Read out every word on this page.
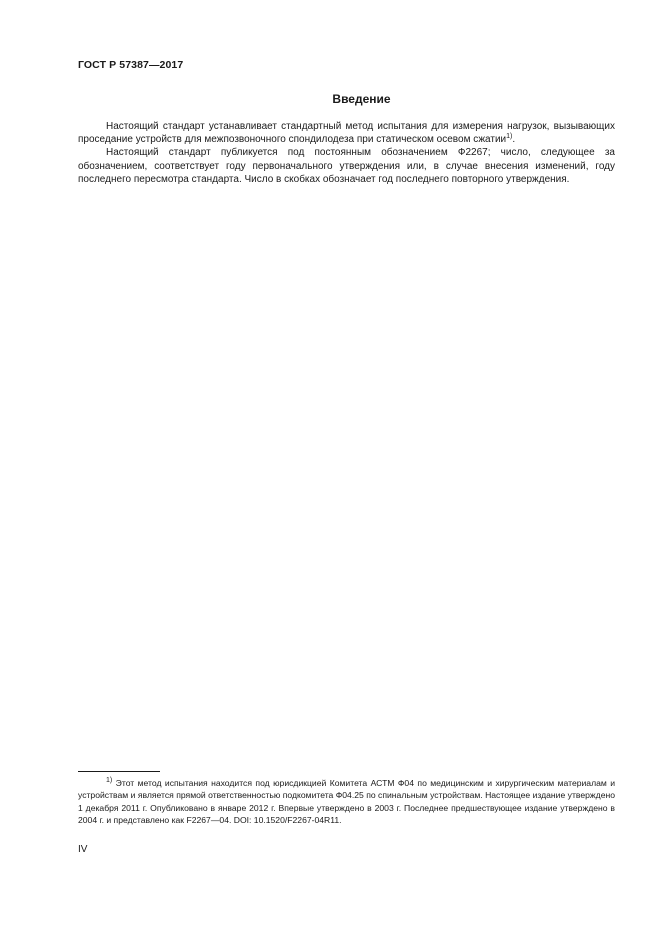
ГОСТ Р 57387—2017
Введение

Настоящий стандарт устанавливает стандартный метод испытания для измерения нагрузок, вызывающих проседание устройств для межпозвоночного спондилодеза при статическом осевом сжатии$^{1)}$.

Настоящий стандарт публикуется под постоянным обозначением Ф2267; число, следующее за обозначением, соответствует году первоначального утверждения или, в случае внесения изменений, году последнего пересмотра стандарта. Число в скобках обозначает год последнего повторного утверждения.

$^{1)}$ Этот метод испытания находится под юрисдикцией Комитета АСТМ Ф04 по медицинским и хирургическим материалам и устройствам и является прямой ответственностью подкомитета Ф04.25 по спинальным устройствам. Настоящее издание утверждено 1 декабря 2011 г. Опубликовано в январе 2012 г. Впервые утверждено в 2003 г. Последнее предшествующее издание утверждено в 2004 г. и представлено как F2267—04. DOI: 10.1520/F2267-04R11.

IV
